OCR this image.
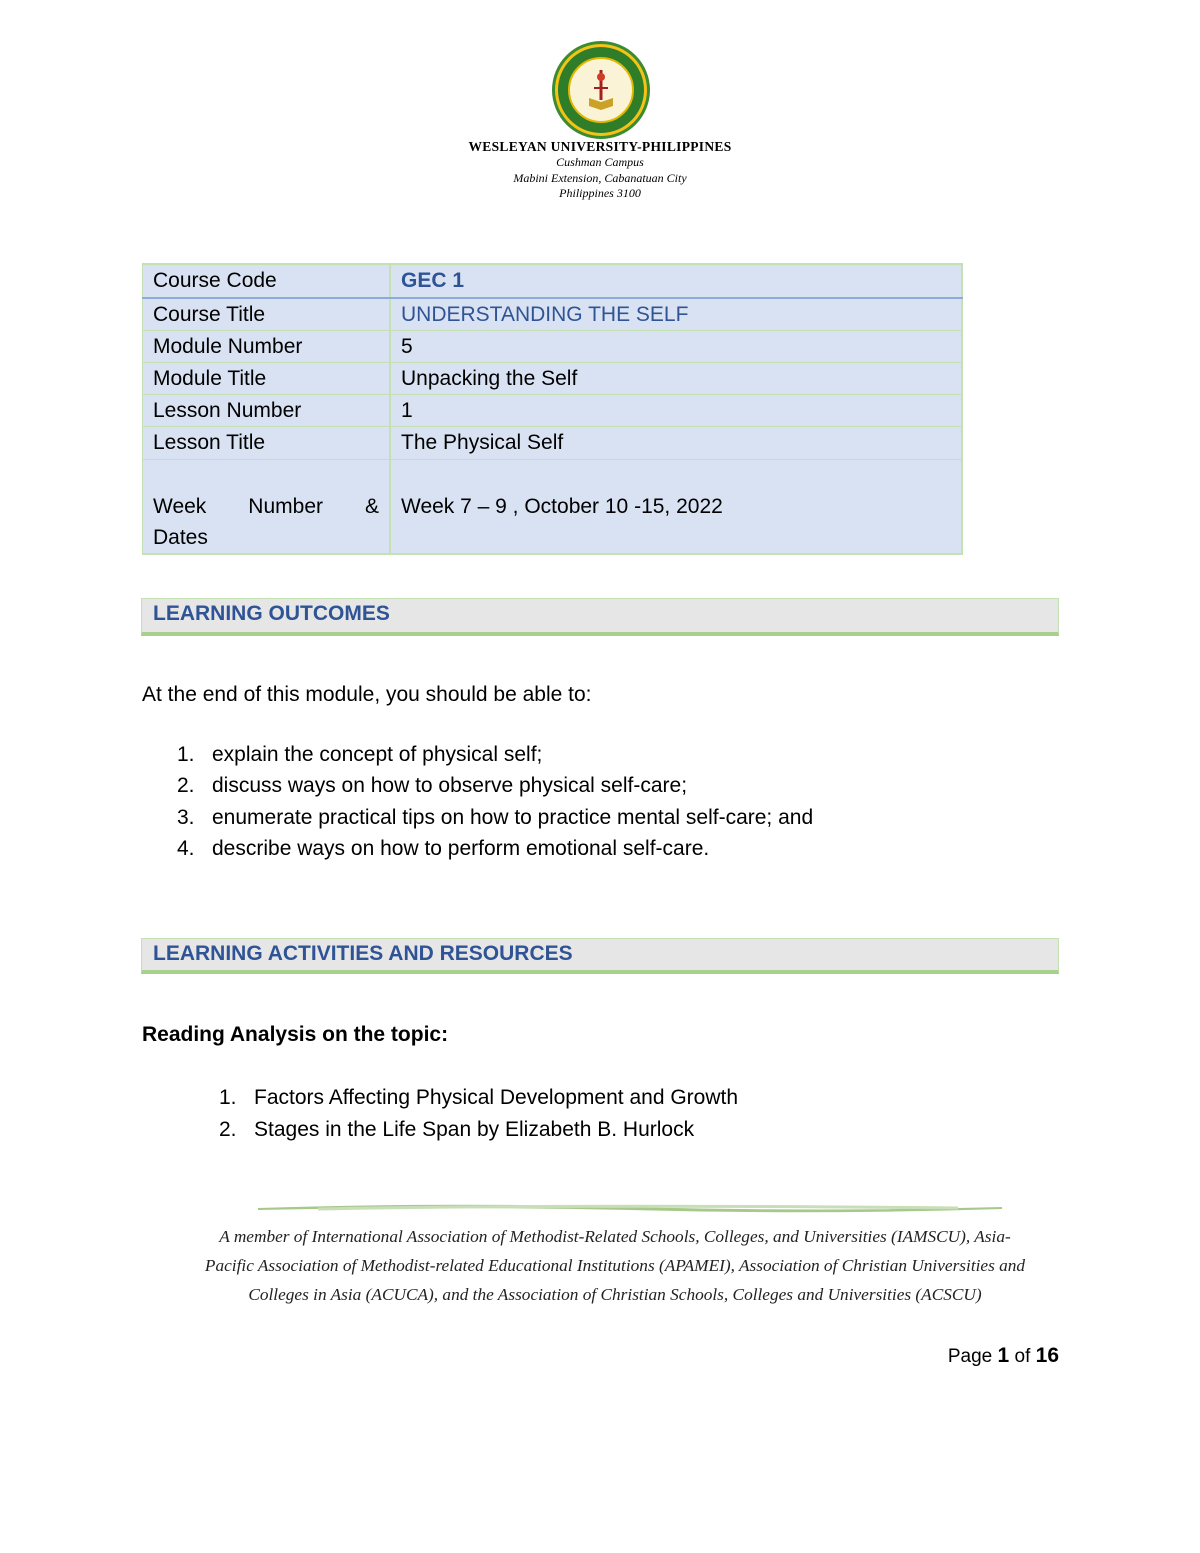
WESLEYAN UNIVERSITY-PHILIPPINES
Cushman Campus
Mabini Extension, Cabanatuan City
Philippines 3100
Course Code	GEC 1
Course Title	UNDERSTANDING THE SELF
Module Number	5
Module Title	Unpacking the Self
Lesson Number	1
Lesson Title	The Physical Self

Week Number &
Dates	Week 7 – 9 , October 10 -15, 2022
LEARNING OUTCOMES
At the end of this module, you should be able to:
1. explain the concept of physical self;
2. discuss ways on how to observe physical self-care;
3. enumerate practical tips on how to practice mental self-care; and
4. describe ways on how to perform emotional self-care.
LEARNING ACTIVITIES AND RESOURCES
Reading Analysis on the topic:
1. Factors Affecting Physical Development and Growth
2. Stages in the Life Span by Elizabeth B. Hurlock
A member of International Association of Methodist-Related Schools, Colleges, and Universities (IAMSCU), Asia-
Pacific Association of Methodist-related Educational Institutions (APAMEI), Association of Christian Universities and
Colleges in Asia (ACUCA), and the Association of Christian Schools, Colleges and Universities (ACSCU)
Page 1 of 16
